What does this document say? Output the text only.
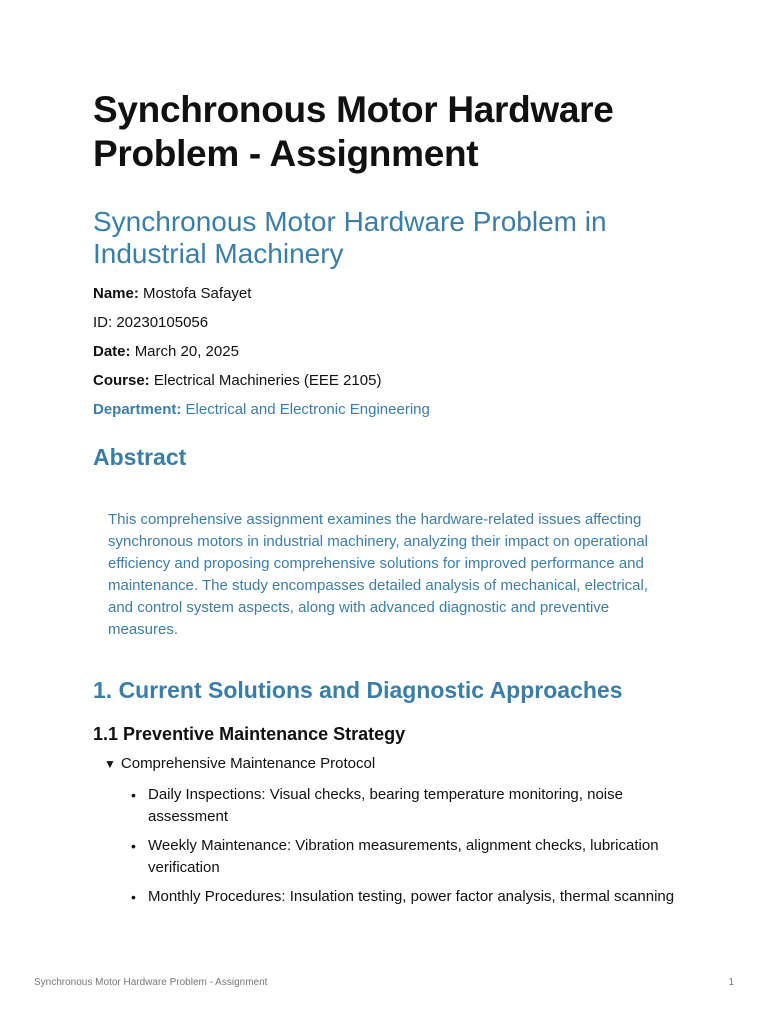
Synchronous Motor Hardware Problem - Assignment
Synchronous Motor Hardware Problem in Industrial Machinery

Name: Mostofa Safayet

ID: 20230105056

Date: March 20, 2025

Course: Electrical Machineries (EEE 2105)

Department: Electrical and Electronic Engineering

Abstract

This comprehensive assignment examines the hardware-related issues affecting synchronous motors in industrial machinery, analyzing their impact on operational efficiency and proposing comprehensive solutions for improved performance and maintenance. The study encompasses detailed analysis of mechanical, electrical, and control system aspects, along with advanced diagnostic and preventive measures.

1. Current Solutions and Diagnostic Approaches
1.1 Preventive Maintenance Strategy
▼ Comprehensive Maintenance Protocol
• Daily Inspections: Visual checks, bearing temperature monitoring, noise assessment
• Weekly Maintenance: Vibration measurements, alignment checks, lubrication verification
• Monthly Procedures: Insulation testing, power factor analysis, thermal scanning
Synchronous Motor Hardware Problem - Assignment	1
